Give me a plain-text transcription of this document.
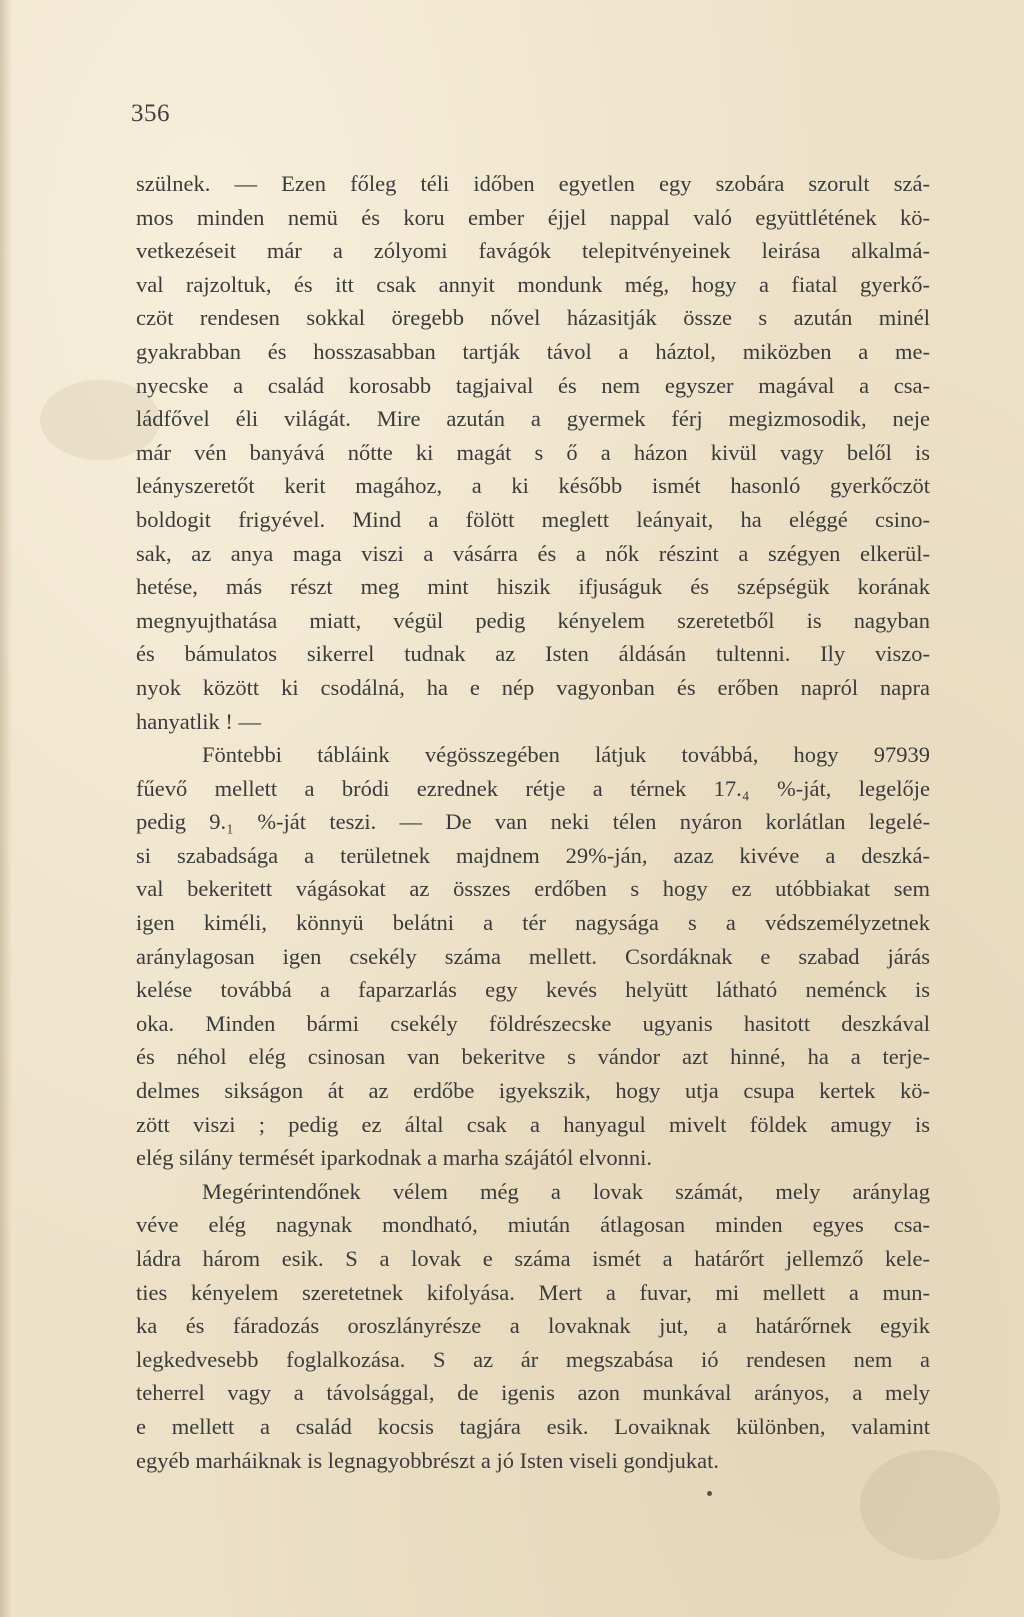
356
szülnek. — Ezen főleg téli időben egyetlen egy szobára szorult szá-
mos minden nemü és koru ember éjjel nappal való együttlétének kö-
vetkezéseit már a zólyomi favágók telepitvényeinek leirása alkalmá-
val rajzoltuk, és itt csak annyit mondunk még, hogy a fiatal gyerkő-
czöt rendesen sokkal öregebb nővel házasitják össze s azután minél
gyakrabban és hosszasabban tartják távol a háztol, miközben a me-
nyecske a család korosabb tagjaival és nem egyszer magával a csa-
ládfővel éli világát. Mire azután a gyermek férj megizmosodik, neje
már vén banyává nőtte ki magát s ő a házon kivül vagy belől is
leányszeretőt kerit magához, a ki később ismét hasonló gyerkőczöt
boldogit frigyével. Mind a fölött meglett leányait, ha eléggé csino-
sak, az anya maga viszi a vásárra és a nők részint a szégyen elkerül-
hetése, más részt meg mint hiszik ifjuságuk és szépségük korának
megnyujthatása miatt, végül pedig kényelem szeretetből is nagyban
és bámulatos sikerrel tudnak az Isten áldásán tultenni. Ily viszo-
nyok között ki csodálná, ha e nép vagyonban és erőben napról napra
hanyatlik ! —
Föntebbi tábláink végösszegében látjuk továbbá, hogy 97939
fűevő mellett a bródi ezrednek rétje a térnek 17.₄ %-ját, legelője
pedig 9.₁ %-ját teszi. — De van neki télen nyáron korlátlan legelé-
si szabadsága a területnek majdnem 29%-ján, azaz kivéve a deszká-
val bekeritett vágásokat az összes erdőben s hogy ez utóbbiakat sem
igen kiméli, könnyü belátni a tér nagysága s a védszemélyzetnek
aránylagosan igen csekély száma mellett. Csordáknak e szabad járás
kelése továbbá a faparzarlás egy kevés helyütt látható neménck is
oka. Minden bármi csekély földrészecske ugyanis hasitott deszkával
és néhol elég csinosan van bekeritve s vándor azt hinné, ha a terje-
delmes sikságon át az erdőbe igyekszik, hogy utja csupa kertek kö-
zött viszi ; pedig ez által csak a hanyagul mivelt földek amugy is
elég silány termését iparkodnak a marha szájától elvonni.
Megérintendőnek vélem még a lovak számát, mely aránylag
véve elég nagynak mondható, miután átlagosan minden egyes csa-
ládra három esik. S a lovak e száma ismét a határőrt jellemző kele-
ties kényelem szeretetnek kifolyása. Mert a fuvar, mi mellett a mun-
ka és fáradozás oroszlányrésze a lovaknak jut, a határőrnek egyik
legkedvesebb foglalkozása. S az ár megszabása ió rendesen nem a
teherrel vagy a távolsággal, de igenis azon munkával arányos, a mely
e mellett a család kocsis tagjára esik. Lovaiknak különben, valamint
egyéb marháiknak is legnagyobbrészt a jó Isten viseli gondjukat.
